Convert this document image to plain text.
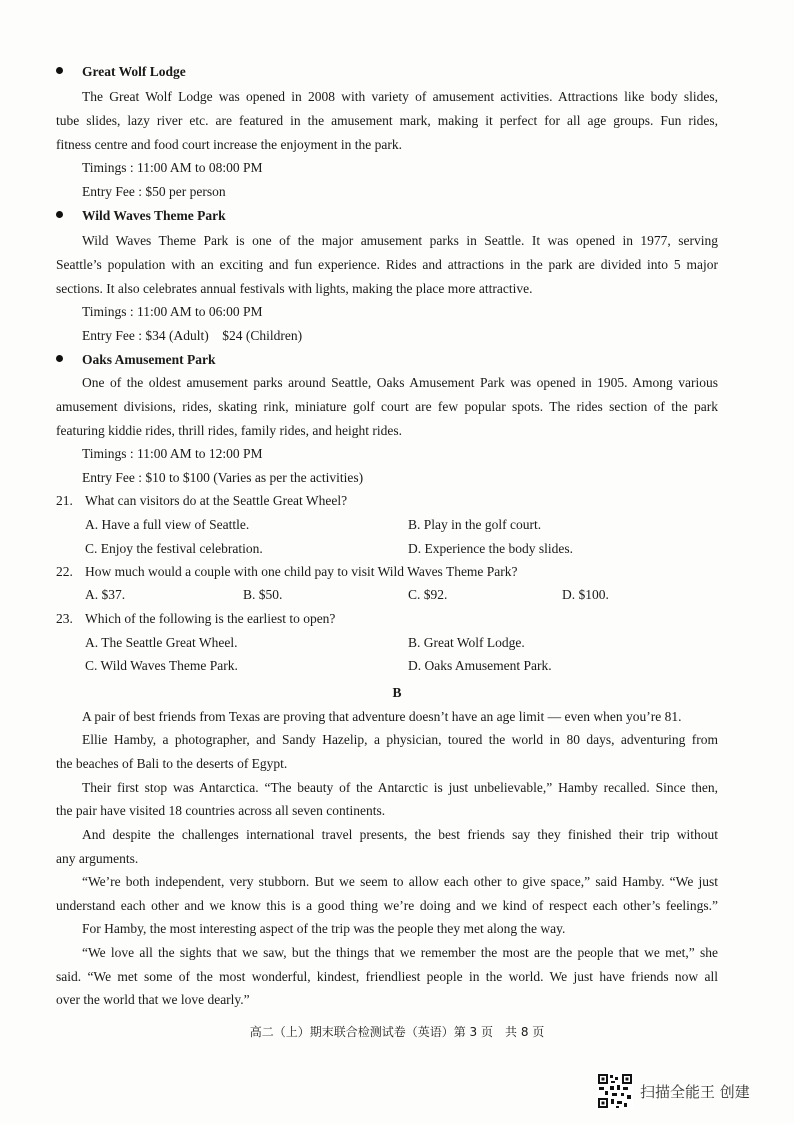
Great Wolf Lodge
The Great Wolf Lodge was opened in 2008 with variety of amusement activities. Attractions like body slides,
tube slides, lazy river etc. are featured in the amusement mark, making it perfect for all age groups. Fun rides,
fitness centre and food court increase the enjoyment in the park.
Timings : 11:00 AM to 08:00 PM
Entry Fee : $50 per person
Wild Waves Theme Park
Wild Waves Theme Park is one of the major amusement parks in Seattle. It was opened in 1977, serving
Seattle’s population with an exciting and fun experience. Rides and attractions in the park are divided into 5 major
sections. It also celebrates annual festivals with lights, making the place more attractive.
Timings : 11:00 AM to 06:00 PM
Entry Fee : $34 (Adult)    $24 (Children)
Oaks Amusement Park
One of the oldest amusement parks around Seattle, Oaks Amusement Park was opened in 1905. Among various
amusement divisions, rides, skating rink, miniature golf court are few popular spots. The rides section of the park
featuring kiddie rides, thrill rides, family rides, and height rides.
Timings : 11:00 AM to 12:00 PM
Entry Fee : $10 to $100 (Varies as per the activities)
21. What can visitors do at the Seattle Great Wheel?
A. Have a full view of Seattle.	B. Play in the golf court.
C. Enjoy the festival celebration.	D. Experience the body slides.
22. How much would a couple with one child pay to visit Wild Waves Theme Park?
A. $37.	B. $50.	C. $92.	D. $100.
23. Which of the following is the earliest to open?
A. The Seattle Great Wheel.	B. Great Wolf Lodge.
C. Wild Waves Theme Park.	D. Oaks Amusement Park.
B
A pair of best friends from Texas are proving that adventure doesn’t have an age limit — even when you’re 81.
Ellie Hamby, a photographer, and Sandy Hazelip, a physician, toured the world in 80 days, adventuring from
the beaches of Bali to the deserts of Egypt.
Their first stop was Antarctica. “The beauty of the Antarctic is just unbelievable,” Hamby recalled. Since then,
the pair have visited 18 countries across all seven continents.
And despite the challenges international travel presents, the best friends say they finished their trip without
any arguments.
“We’re both independent, very stubborn. But we seem to allow each other to give space,” said Hamby. “We just
understand each other and we know this is a good thing we’re doing and we kind of respect each other’s feelings.”
For Hamby, the most interesting aspect of the trip was the people they met along the way.
“We love all the sights that we saw, but the things that we remember the most are the people that we met,” she
said. “We met some of the most wonderful, kindest, friendliest people in the world. We just have friends now all
over the world that we love dearly.”
高二（上）期末联合检测试卷（英语）第 3 页　共 8 页
扫描全能王 创建
